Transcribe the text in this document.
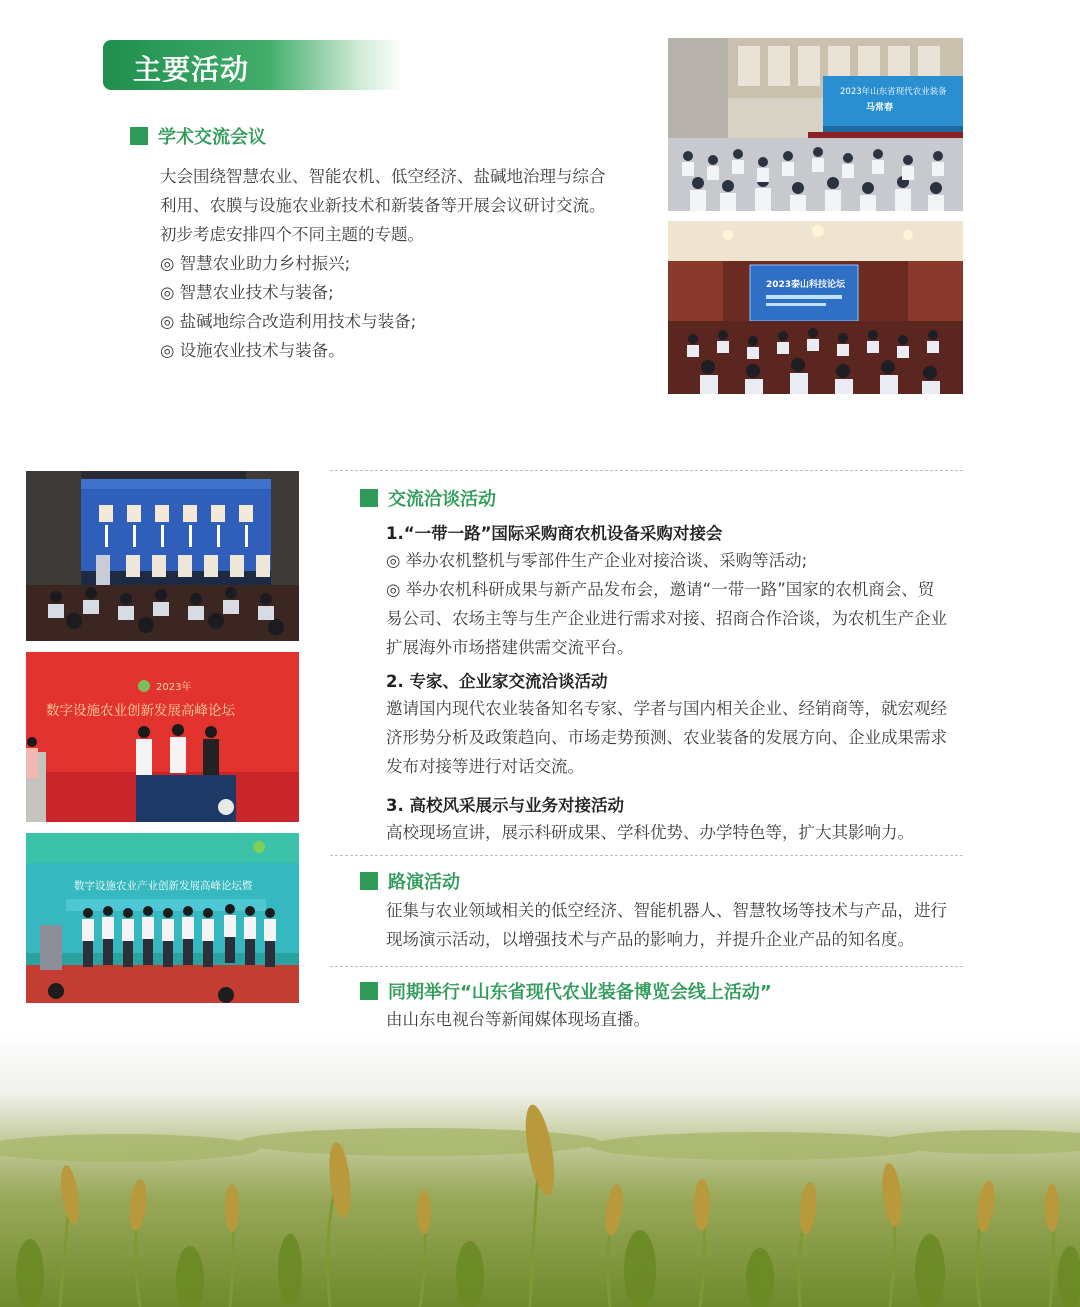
主要活动
学术交流会议

大会围绕智慧农业、智能农机、低空经济、盐碱地治理与综合

利用、农膜与设施农业新技术和新装备等开展会议研讨交流。

初步考虑安排四个不同主题的专题。

◎ 智慧农业助力乡村振兴;

◎ 智慧农业技术与装备;

◎ 盐碱地综合改造利用技术与装备;

◎ 设施农业技术与装备。

2023年山东省现代农业装备
马常春
2023泰山科技论坛
2023年
数字设施农业创新发展高峰论坛
数字设施农业产业创新发展高峰论坛暨
交流洽谈活动
1.“一带一路”国际采购商农机设备采购对接会

◎ 举办农机整机与零部件生产企业对接洽谈、采购等活动;

◎ 举办农机科研成果与新产品发布会，邀请“一带一路”国家的农机商会、贸

易公司、农场主等与生产企业进行需求对接、招商合作洽谈，为农机生产企业

扩展海外市场搭建供需交流平台。

2. 专家、企业家交流洽谈活动

邀请国内现代农业装备知名专家、学者与国内相关企业、经销商等，就宏观经

济形势分析及政策趋向、市场走势预测、农业装备的发展方向、企业成果需求

发布对接等进行对话交流。

3. 高校风采展示与业务对接活动

高校现场宣讲，展示科研成果、学科优势、办学特色等，扩大其影响力。

路演活动

征集与农业领域相关的低空经济、智能机器人、智慧牧场等技术与产品，进行

现场演示活动，以增强技术与产品的影响力，并提升企业产品的知名度。

同期举行“山东省现代农业装备博览会线上活动”

由山东电视台等新闻媒体现场直播。
